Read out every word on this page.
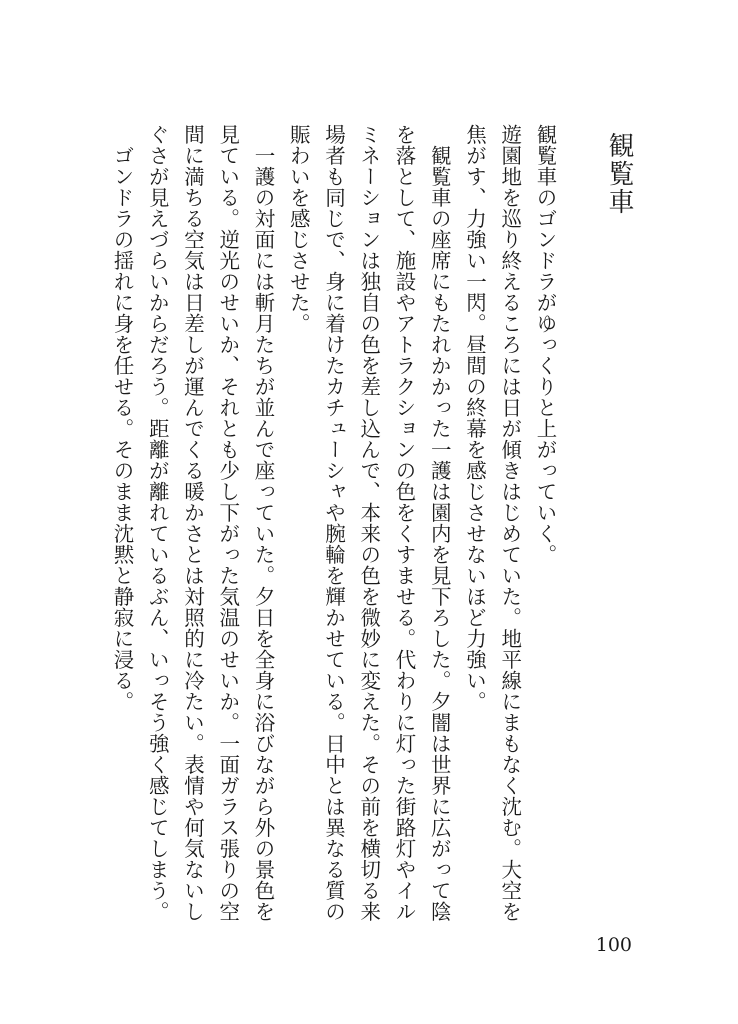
観覧車

観覧車のゴンドラがゆっくりと上がっていく。

遊園地を巡り終えるころには日が傾きはじめていた。地平線にまもなく沈む。大空を焦がす、力強い一閃。昼間の終幕を感じさせないほど力強い。

観覧車の座席にもたれかかった一護は園内を見下ろした。夕闇は世界に広がって陰を落として、施設やアトラクションの色をくすませる。代わりに灯った街路灯やイルミネーションは独自の色を差し込んで、本来の色を微妙に変えた。その前を横切る来場者も同じで、身に着けたカチューシャや腕輪を輝かせている。日中とは異なる質の賑わいを感じさせた。

一護の対面には斬月たちが並んで座っていた。夕日を全身に浴びながら外の景色を見ている。逆光のせいか、それとも少し下がった気温のせいか。一面ガラス張りの空間に満ちる空気は日差しが運んでくる暖かさとは対照的に冷たい。表情や何気ないしぐさが見えづらいからだろう。距離が離れているぶん、いっそう強く感じてしまう。

ゴンドラの揺れに身を任せる。そのまま沈黙と静寂に浸る。

100
